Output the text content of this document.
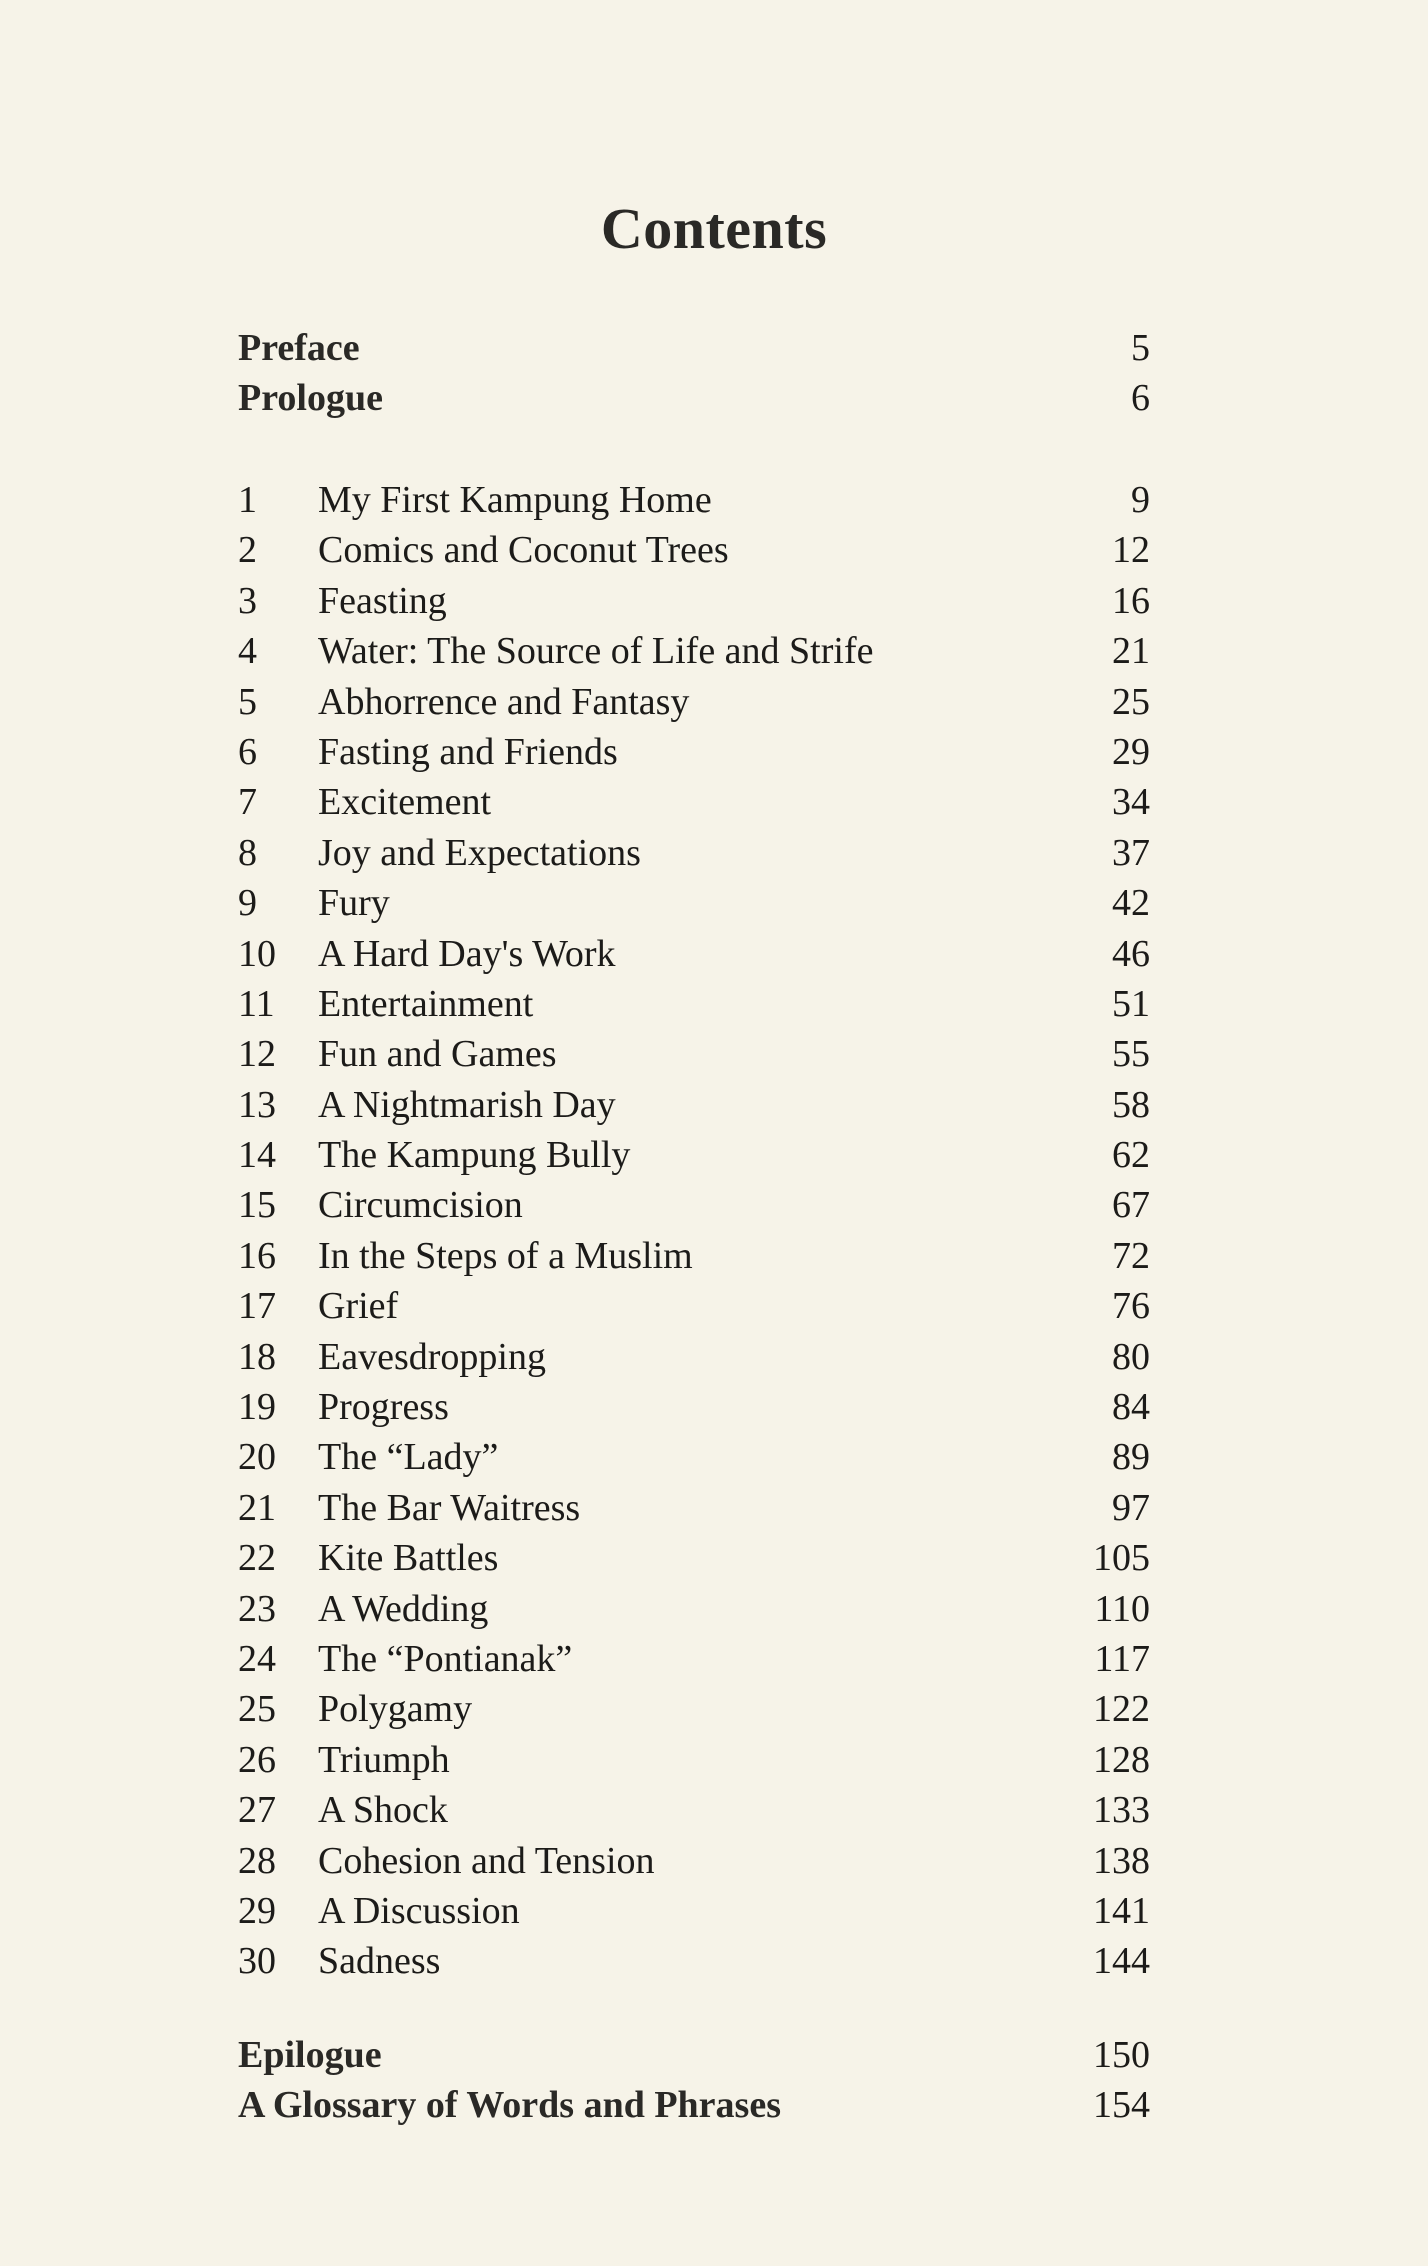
Contents
Preface	5
Prologue	6
1	My First Kampung Home	9
2	Comics and Coconut Trees	12
3	Feasting	16
4	Water: The Source of Life and Strife	21
5	Abhorrence and Fantasy	25
6	Fasting and Friends	29
7	Excitement	34
8	Joy and Expectations	37
9	Fury	42
10	A Hard Day's Work	46
11	Entertainment	51
12	Fun and Games	55
13	A Nightmarish Day	58
14	The Kampung Bully	62
15	Circumcision	67
16	In the Steps of a Muslim	72
17	Grief	76
18	Eavesdropping	80
19	Progress	84
20	The “Lady”	89
21	The Bar Waitress	97
22	Kite Battles	105
23	A Wedding	110
24	The “Pontianak”	117
25	Polygamy	122
26	Triumph	128
27	A Shock	133
28	Cohesion and Tension	138
29	A Discussion	141
30	Sadness	144
Epilogue	150
A Glossary of Words and Phrases	154
